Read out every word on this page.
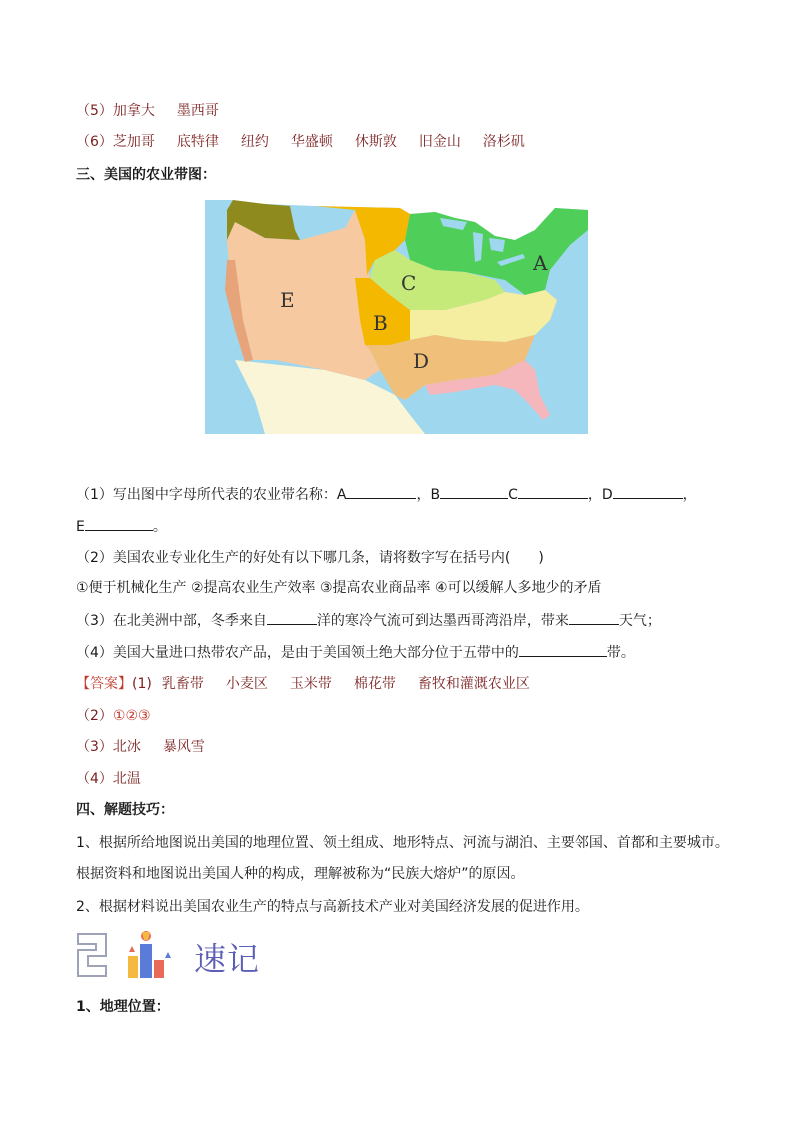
（5）加拿大 墨西哥
（6）芝加哥 底特律 纽约 华盛顿 休斯敦 旧金山 洛杉矶
三、美国的农业带图：
E
B
C
D
A
（1）写出图中字母所代表的农业带名称：A	，B	C	，D	，
E	。
（2）美国农业专业化生产的好处有以下哪几条，请将数字写在括号内( )
①便于机械化生产 ②提高农业生产效率 ③提高农业商品率 ④可以缓解人多地少的矛盾
（3）在北美洲中部，冬季来自	洋的寒冷气流可到达墨西哥湾沿岸，带来	天气；
（4）美国大量进口热带农产品，是由于美国领土绝大部分位于五带中的	带。
【答案】(1) 乳畜带 小麦区 玉米带 棉花带 畜牧和灌溉农业区
（2）①②③
（3）北冰 暴风雪
（4）北温
四、解题技巧：
1、根据所给地图说出美国的地理位置、领土组成、地形特点、河流与湖泊、主要邻国、首都和主要城市。
根据资料和地图说出美国人种的构成，理解被称为“民族大熔炉”的原因。
2、根据材料说出美国农业生产的特点与高新技术产业对美国经济发展的促进作用。
速记
1、地理位置：
